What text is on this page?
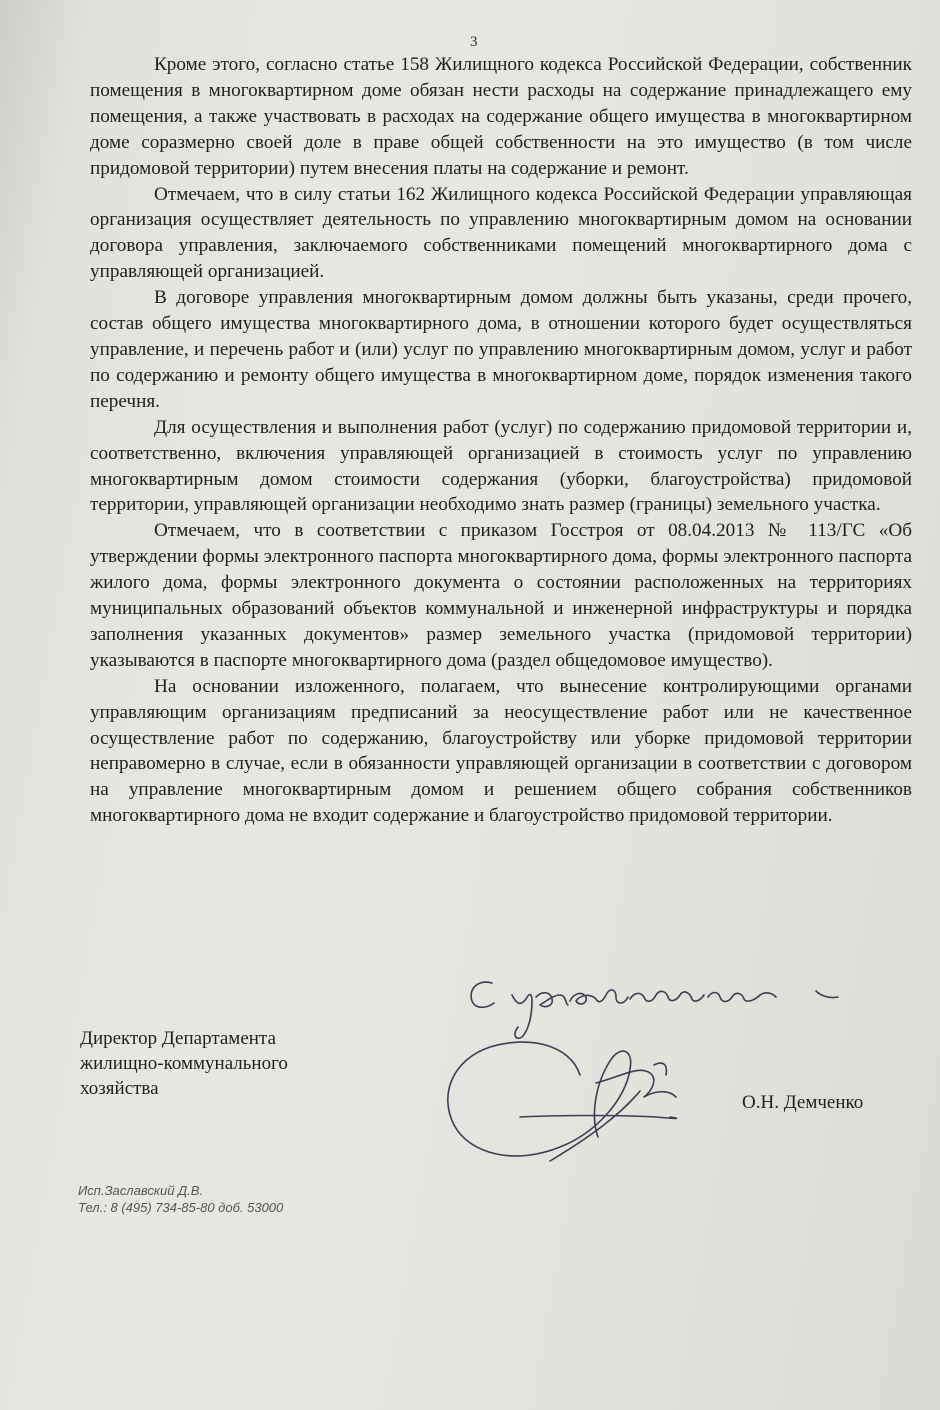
3

Кроме этого, согласно статье 158 Жилищного кодекса Российской Федерации, собственник помещения в многоквартирном доме обязан нести расходы на содержание принадлежащего ему помещения, а также участвовать в расходах на содержание общего имущества в многоквартирном доме соразмерно своей доле в праве общей собственности на это имущество (в том числе придомовой территории) путем внесения платы на содержание и ремонт.

Отмечаем, что в силу статьи 162 Жилищного кодекса Российской Федерации управляющая организация осуществляет деятельность по управлению многоквартирным домом на основании договора управления, заключаемого собственниками помещений многоквартирного дома с управляющей организацией.

В договоре управления многоквартирным домом должны быть указаны, среди прочего, состав общего имущества многоквартирного дома, в отношении которого будет осуществляться управление, и перечень работ и (или) услуг по управлению многоквартирным домом, услуг и работ по содержанию и ремонту общего имущества в многоквартирном доме, порядок изменения такого перечня.

Для осуществления и выполнения работ (услуг) по содержанию придомовой территории и, соответственно, включения управляющей организацией в стоимость услуг по управлению многоквартирным домом стоимости содержания (уборки, благоустройства) придомовой территории, управляющей организации необходимо знать размер (границы) земельного участка.

Отмечаем, что в соответствии с приказом Госстроя от 08.04.2013 № 113/ГС «Об утверждении формы электронного паспорта многоквартирного дома, формы электронного паспорта жилого дома, формы электронного документа о состоянии расположенных на территориях муниципальных образований объектов коммунальной и инженерной инфраструктуры и порядка заполнения указанных документов» размер земельного участка (придомовой территории) указываются в паспорте многоквартирного дома (раздел общедомовое имущество).

На основании изложенного, полагаем, что вынесение контролирующими органами управляющим организациям предписаний за неосуществление работ или не качественное осуществление работ по содержанию, благоустройству или уборке придомовой территории неправомерно в случае, если в обязанности управляющей организации в соответствии с договором на управление многоквартирным домом и решением общего собрания собственников многоквартирного дома не входит содержание и благоустройство придомовой территории.

Директор Департамента
жилищно-коммунального
хозяйства
О.Н. Демченко
Исп.Заславский Д.В.
Тел.: 8 (495) 734-85-80 доб. 53000
